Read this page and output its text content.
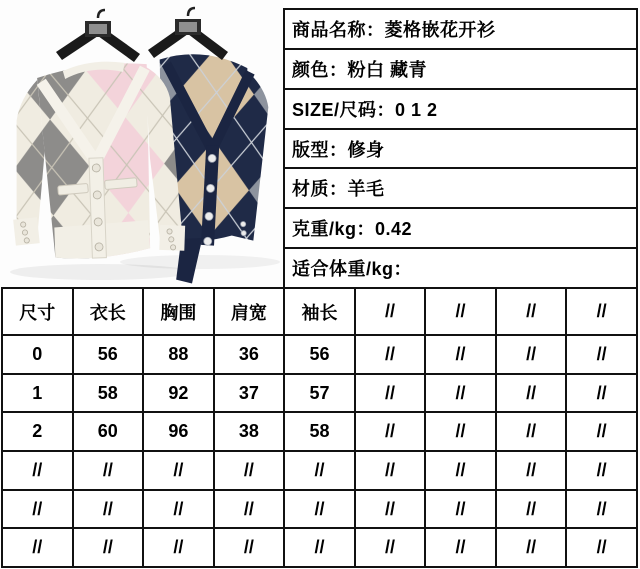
商品名称：菱格嵌花开衫
颜色：粉白 藏青
SIZE/尺码：0 1 2
版型：修身
材质：羊毛
克重/kg：0.42
适合体重/kg：
尺寸	衣长	胸围	肩宽	袖长	//	//	//	//
0	56	88	36	56	//	//	//	//
1	58	92	37	57	//	//	//	//
2	60	96	38	58	//	//	//	//
//	//	//	//	//	//	//	//	//
//	//	//	//	//	//	//	//	//
//	//	//	//	//	//	//	//	//
